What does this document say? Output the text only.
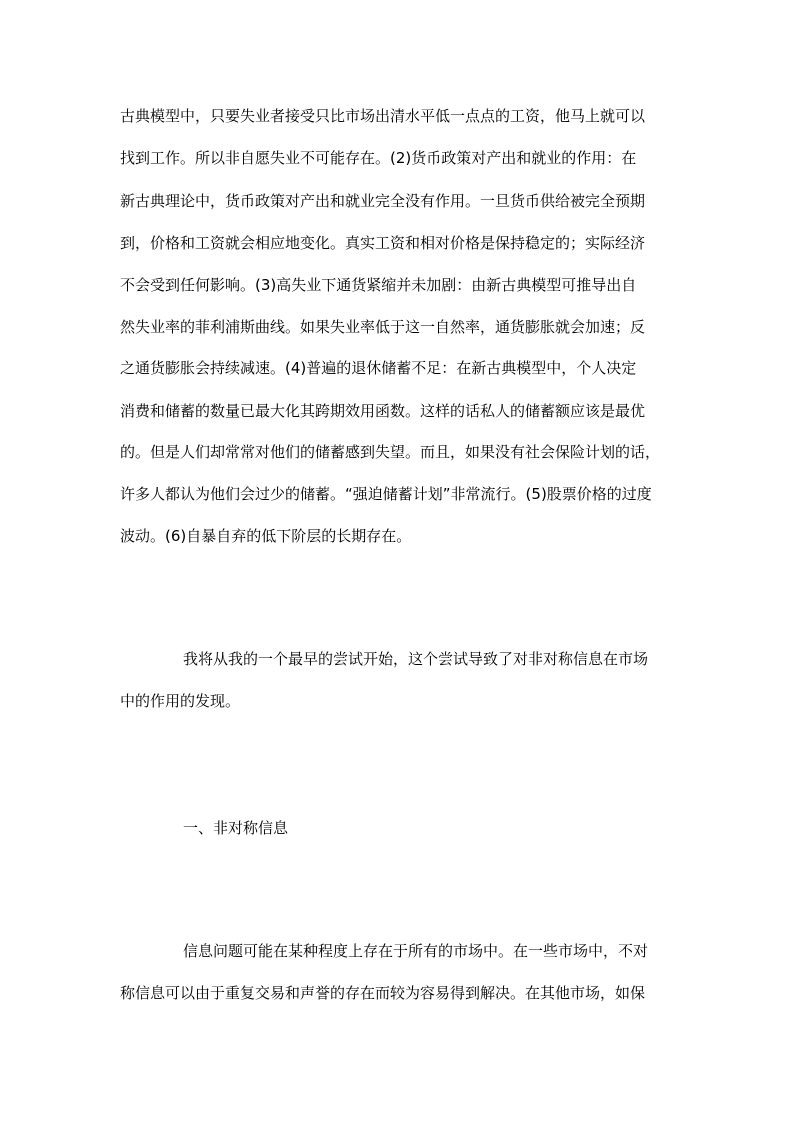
古典模型中，只要失业者接受只比市场出清水平低一点点的工资，他马上就可以
找到工作。所以非自愿失业不可能存在。(2)货币政策对产出和就业的作用：在
新古典理论中，货币政策对产出和就业完全没有作用。一旦货币供给被完全预期
到，价格和工资就会相应地变化。真实工资和相对价格是保持稳定的；实际经济
不会受到任何影响。(3)高失业下通货紧缩并未加剧：由新古典模型可推导出自
然失业率的菲利浦斯曲线。如果失业率低于这一自然率，通货膨胀就会加速；反
之通货膨胀会持续减速。(4)普遍的退休储蓄不足：在新古典模型中，个人决定
消费和储蓄的数量已最大化其跨期效用函数。这样的话私人的储蓄额应该是最优
的。但是人们却常常对他们的储蓄感到失望。而且，如果没有社会保险计划的话，
许多人都认为他们会过少的储蓄。“强迫储蓄计划”非常流行。(5)股票价格的过度
波动。(6)自暴自弃的低下阶层的长期存在。
我将从我的一个最早的尝试开始，这个尝试导致了对非对称信息在市场
中的作用的发现。
一、非对称信息
信息问题可能在某种程度上存在于所有的市场中。在一些市场中，不对
称信息可以由于重复交易和声誉的存在而较为容易得到解决。在其他市场，如保
